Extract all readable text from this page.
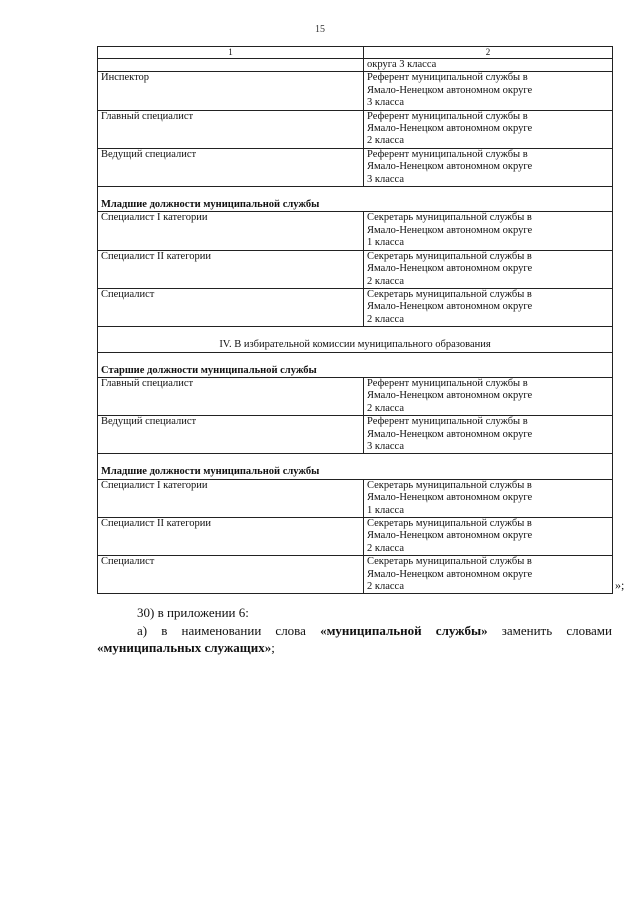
15
1	2
	округа 3 класса
Инспектор	Референт муниципальной службы в
Ямало-Ненецком автономном округе
3 класса

Главный специалист	Референт муниципальной службы в
Ямало-Ненецком автономном округе
2 класса

Ведущий специалист	Референт муниципальной службы в
Ямало-Ненецком автономном округе
3 класса

Младшие должности муниципальной службы	
Специалист I категории	Секретарь муниципальной службы в
Ямало-Ненецком автономном округе
1 класса

Специалист II категории	Секретарь муниципальной службы в
Ямало-Ненецком автономном округе
2 класса

Специалист	Секретарь муниципальной службы в
Ямало-Ненецком автономном округе
2 класса

IV. В избирательной комиссии муниципального образования	

Старшие должности муниципальной службы	
Главный специалист	Референт муниципальной службы в
Ямало-Ненецком автономном округе
2 класса

Ведущий специалист	Референт муниципальной службы в
Ямало-Ненецком автономном округе
3 класса

Младшие должности муниципальной службы	
Специалист I категории	Секретарь муниципальной службы в
Ямало-Ненецком автономном округе
1 класса

Специалист II категории	Секретарь муниципальной службы в
Ямало-Ненецком автономном округе
2 класса

Специалист	Секретарь муниципальной службы в
Ямало-Ненецком автономном округе
2 класса	»;
30) в приложении 6:
а) в наименовании слова «муниципальной службы» заменить словами «муниципальных служащих»;
